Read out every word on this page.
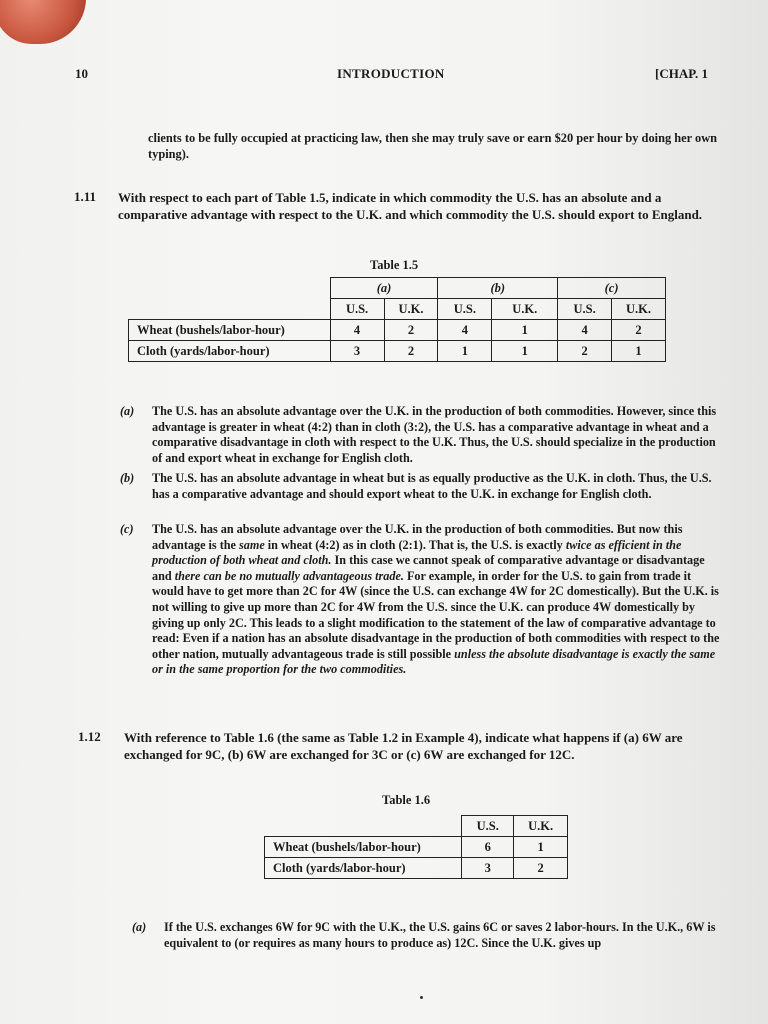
10	INTRODUCTION	[CHAP. 1
clients to be fully occupied at practicing law, then she may truly save or earn $20 per hour by doing her own typing).
1.11 With respect to each part of Table 1.5, indicate in which commodity the U.S. has an absolute and a comparative advantage with respect to the U.K. and which commodity the U.S. should export to England.
Table 1.5
	(a)		(b)		(c)	
	U.S.	U.K.	U.S.	U.K.	U.S.	U.K.
Wheat (bushels/labor-hour)	4	2	4	1	4	2
Cloth (yards/labor-hour)	3	2	1	1	2	1
(a) The U.S. has an absolute advantage over the U.K. in the production of both commodities. However, since this advantage is greater in wheat (4:2) than in cloth (3:2), the U.S. has a comparative advantage in wheat and a comparative disadvantage in cloth with respect to the U.K. Thus, the U.S. should specialize in the production of and export wheat in exchange for English cloth.
(b) The U.S. has an absolute advantage in wheat but is as equally productive as the U.K. in cloth. Thus, the U.S. has a comparative advantage and should export wheat to the U.K. in exchange for English cloth.
(c) The U.S. has an absolute advantage over the U.K. in the production of both commodities. But now this advantage is the same in wheat (4:2) as in cloth (2:1). That is, the U.S. is exactly twice as efficient in the production of both wheat and cloth. In this case we cannot speak of comparative advantage or disadvantage and there can be no mutually advantageous trade. For example, in order for the U.S. to gain from trade it would have to get more than 2C for 4W (since the U.S. can exchange 4W for 2C domestically). But the U.K. is not willing to give up more than 2C for 4W from the U.S. since the U.K. can produce 4W domestically by giving up only 2C. This leads to a slight modification to the statement of the law of comparative advantage to read: Even if a nation has an absolute disadvantage in the production of both commodities with respect to the other nation, mutually advantageous trade is still possible unless the absolute disadvantage is exactly the same or in the same proportion for the two commodities.
1.12 With reference to Table 1.6 (the same as Table 1.2 in Example 4), indicate what happens if (a) 6W are exchanged for 9C, (b) 6W are exchanged for 3C or (c) 6W are exchanged for 12C.
Table 1.6
	U.S.	U.K.
Wheat (bushels/labor-hour)	6	1
Cloth (yards/labor-hour)	3	2
(a) If the U.S. exchanges 6W for 9C with the U.K., the U.S. gains 6C or saves 2 labor-hours. In the U.K., 6W is equivalent to (or requires as many hours to produce as) 12C. Since the U.K. gives up
